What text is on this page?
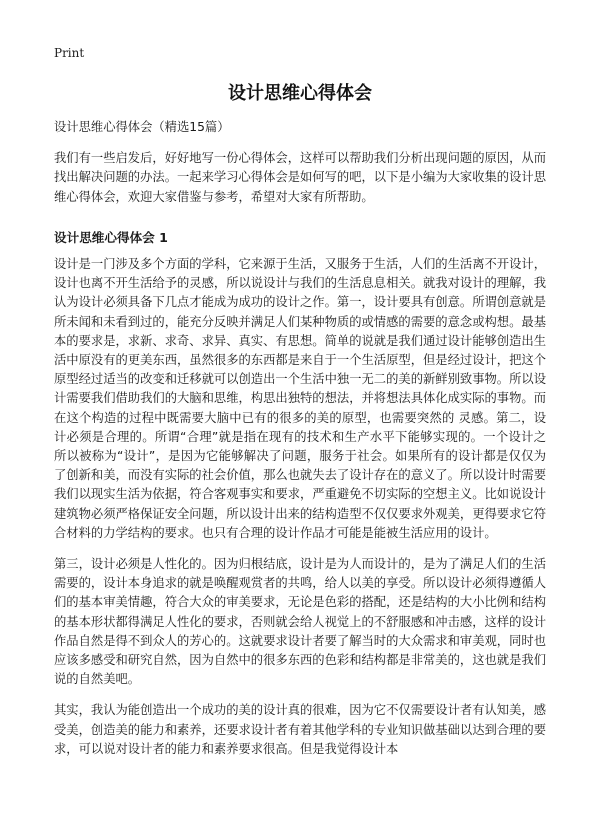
Print
设计思维心得体会

设计思维心得体会（精选15篇）

我们有一些启发后，好好地写一份心得体会，这样可以帮助我们分析出现问题的原因，从而找出解决问题的办法。一起来学习心得体会是如何写的吧，以下是小编为大家收集的设计思维心得体会，欢迎大家借鉴与参考，希望对大家有所帮助。

设计思维心得体会 1

设计是一门涉及多个方面的学科，它来源于生活，又服务于生活，人们的生活离不开设计，设计也离不开生活给予的灵感，所以说设计与我们的生活息息相关。就我对设计的理解，我认为设计必须具备下几点才能成为成功的设计之作。第一，设计要具有创意。所谓创意就是所未闻和未看到过的，能充分反映并满足人们某种物质的或情感的需要的意念或构想。最基本的要求是，求新、求奇、求异、真实、有思想。简单的说就是我们通过设计能够创造出生活中原没有的更美东西，虽然很多的东西都是来自于一个生活原型，但是经过设计，把这个原型经过适当的改变和迁移就可以创造出一个生活中独一无二的美的新鲜别致事物。所以设计需要我们借助我们的大脑和思维，构思出独特的想法，并将想法具体化成实际的事物。而在这个构造的过程中既需要大脑中已有的很多的美的原型，也需要突然的 灵感。第二，设计必须是合理的。所谓“合理”就是指在现有的技术和生产水平下能够实现的。一个设计之所以被称为“设计”，是因为它能够解决了问题，服务于社会。如果所有的设计都是仅仅为了创新和美，而没有实际的社会价值，那么也就失去了设计存在的意义了。所以设计时需要我们以现实生活为依据，符合客观事实和要求，严重避免不切实际的空想主义。比如说设计建筑物必须严格保证安全问题，所以设计出来的结构造型不仅仅要求外观美，更得要求它符合材料的力学结构的要求。也只有合理的设计作品才可能是能被生活应用的设计。

第三，设计必须是人性化的。因为归根结底，设计是为人而设计的，是为了满足人们的生活需要的，设计本身追求的就是唤醒观赏者的共鸣，给人以美的享受。所以设计必须得遵循人们的基本审美情趣，符合大众的审美要求，无论是色彩的搭配，还是结构的大小比例和结构的基本形状都得满足人性化的要求，否则就会给人视觉上的不舒服感和冲击感，这样的设计作品自然是得不到众人的芳心的。这就要求设计者要了解当时的大众需求和审美观，同时也应该多感受和研究自然，因为自然中的很多东西的色彩和结构都是非常美的，这也就是我们说的自然美吧。

其实，我认为能创造出一个成功的美的设计真的很难，因为它不仅需要设计者有认知美，感受美，创造美的能力和素养，还要求设计者有着其他学科的专业知识做基础以达到合理的要求，可以说对设计者的能力和素养要求很高。但是我觉得设计本
